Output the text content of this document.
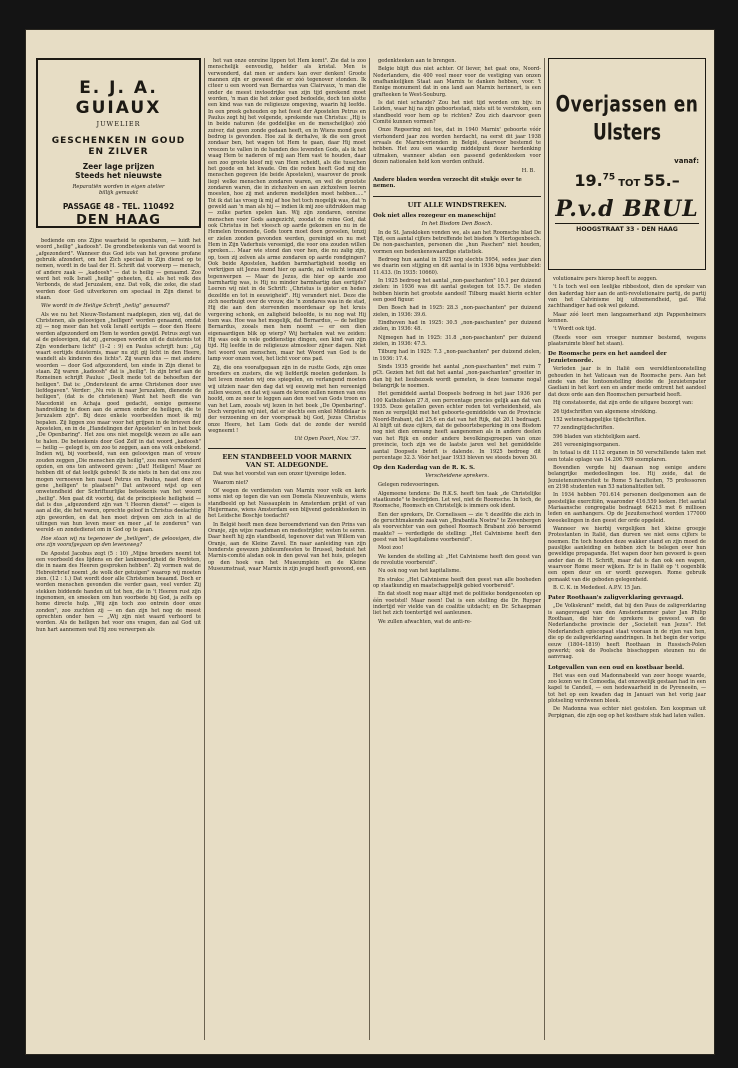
E. J. A. GUIAUX
JUWELIER
GESCHENKEN IN GOUD
EN ZILVER
Zeer lage prijzen
Steeds het nieuwste
Reparatiën worden in eigen atelier
billijk gemaakt
PASSAGE 48 - TEL. 110492
DEN HAAG

bediende om ons Zijne waarheid te openbaren, — luidt het woord „heilig" „kadoosh". De grondbeteekenis van dat woord is „afgezonderd". Wanneer dus God iets van het gewone profane gebruik afzondert, om het Zich speciaal in Zijn dienst op te nemen, wordt in de taal der H. Schrift dat voorwerp — mensch, of andere zaak — „kadoosh" — dat is heilig — genaamd. Zoo werd het volk Israël „heilig" geheeten, d.i. als het volk des Verbonds, de stad Jeruzalem, enz. Dat volk, die zeke, die stad werden door God uitverkoren om speciaal in Zijn dienst te staan.

Wie wordt in de Heilige Schrift „heilig" genaamd?

Als we nu het Nieuw-Testament raadplegen, zien wij, dat de Christenen, als geloovigen „heiligen" worden genaamd, omdat zij — nog meer dan het volk Israël eertijds — door den Heere werden afgezonderd om Hem te worden gewijd. Petrus zegt van al de geloovigen, dat zij „geroepen worden uit de duisternis tot Zijn wonderbare licht" (1–2 : 9) en Paulus schrijft hun: „Gij waart eertijds duisternis, maar nu zijt gij licht in den Heere, wandelt als kinderen des lichts". Zij waren dus — met andere woorden — door God afgezonderd, ten einde in Zijn dienst te staan. Zij waren „kadoosh" dat is „heilig". In zijn brief aan de Romeinen schrijft Paulus: „Deelt mede tot de behoeften der heiligen". Dat is: „Ondersteunt de arme Christenen door uwe liefdegaven". Verder: „Nu reis ik naar Jeruzalem, dienende de heiligen", (dat is de christenen) Want het heeft die van Macedonië en Achaja goed gedacht, eenige gemeene handreiking te doen aan de armen onder de heiligen, die te Jeruzalem zijn". Bij deze enkele voorbeelden moet ik mij bepalen. Zij liggen zoo maar voor het grijpen in de brieven der Apostelen, en in de „Handelingen der Apostelen" en in het boek „De Openbaring". Het zou ons niet mogelijk wezen ze alle aan te halen. De beteekenis door God Zelf in dat woord „kadoosh" — heilig — gelegd is, om zoo te zeggen, aan ons volk onbekend. Indien wij, bij voorbeeld, van een geloovigen man of vrouw zouden zeggen „Die menschen zijn heilig", zou men verwonderd opzien, en ons ten antwoord geven: „Dat! Heiligen! Maar ze hebben dit of dat leelijk gebrek! Ik zie niets in hen dat ons zou mogen vernoeven hen naast Petrus en Paulus, naast deze of gene „heiligen" te plaatsen!" Dat antwoord wijst op een onwetendheid der Schriftuurlijke beteekenis van het woord „heilig". Men gaat dit voorbij, dat de principieele heiligheid — dat is dus „afgezonderd zijn van 't Heeren dienst" — eigen is aan al die, die het waren, oprechte geloof in Christus deelachtig zijn geworden, en dat hen moet drijven om zich in al de uitingen van hun leven meer en meer „af te zonderen" van wereld- en zondedienst om in God op te gaan.

Hoe staan wij nu tegenover de „heiligen", de geloovigen, die ons zijn voorafgegaan op den levensweg?

De Apostel Jacobus zegt (5 : 10) „Mijne broeders neemt tot een voorbeeld des lijdens en der lankmoedigheid de Profeten, die in naam des Heeren gesproken hebben". Zij vormen wat de Hebreërbrief noemt „de wolk der getuigen" waarop wij moeten zien. (12 : 1.) Dat wordt door alle Christenen beaamd. Doch er worden menschen gevonden die verder gaan, veel verder. Zij stekken biddende handen uit tot hen, die in 't Heeren rust zijn ingenomen, en smeeken om hun voorbede bij God, ja zelfs op home directe hulp. „Wij zijn toch zoo ontrein door onze zonden", zoo zuchten zij — en dan zijn het nog de meest oprechten onder hen — „Wij zijn niet waard verhoord te worden. Als de heiligen het voor ons vragen, dan zal God uit hun hart aannemen wat Hij zou verwerpen als

het van onze onreine lippen tot Hem komt". Zie dat is zoo menschelijk eenvoudig, helder als kristal. Men is verwonderd, dat men er anders kan over denken! Groote mannen zijn er geweest die er zóó tegenover stonden. Ik citeer u een woord van Bernardus van Clairvaux, 'n man die onder de meest invloedrijke van zijn tijd gerekend moet worden, 'n man die het zeker goed bedoelde, doch ten slotte een kind was van de religieuze omgeving, waarin hij leefde. In een preek gehouden op het feest der Apostelen Petrus en Paulus zegt hij het volgende, sprekende van Christus: „Hij is in beide naturen (de goddelijke en de menschelijke) zóó zuiver, dat geen zonde gedaan heeft, en in Wiens mond geen bedrog is gevonden. Hoe zal ik derhalve, ik die een groot zondaar ben, het wagen tot Hem te gaan, daar Hij moet vreezen te vallen in de handen des levenden Gods, als ik het waag Hem te naderen of mij aan Hem vast te houden, daar een zoo groote kloof mij van Hem scheidt, als die tusschen het goede en het kwade. Om die reden heeft God mij die menschen gegeven (de beide Apostelen), waarover de preek liep) welke menschen zondaren waren, en wel de grootste zondaren waren, die in zichzelven en aan zichzelven leeren moesten, hoe zij met anderen medelijden moet hebben....." Tot ik dat las vroeg ik mij af hoe het toch mogelijk was, dat 'n geweld aan 'n man als hij — indien ik mij zoo uitdrukken mag — zulke parten spelen kan. Wij zijn zondaren, onreine menschen voor Gods aangezicht, zoodat de reine God, dat ook Christus in het vleesch op aarde gekomen en nu in de Hemelen troonende, Gods toorn moet doen gevoelen, tenzij er zielen zonden gevonden werden, gereinigd en nu met Hem in Zijn Vaderhuis vereenigd, die voor ons zouden willen spreken.... Maar wie stond dan voor hen, die nu zalig zijn, op, toen zij zelven als arme zondaren op aarde rondgingen? Ook beide Apostelen, hadden barmhartigheid noodig en verkrijgen uit Jezus mond hier op aarde, zal veilicht iemand tegenwerpen — Maar de Jezus, die hier op aarde zoo barmhartig was, is Hij nu minder barmhartig dan eertijds? Leeren wij niet in de Schrift: „Christus is gister en heden dezelfde en tot in eeuwigheid". Hij verandert niet. Deze die zich neerbuigt over de vrouw, die 'n zondares was in de stad, Hij die aan den stervenden moordenaar op het kruis vergeving schonk, en zaligheid beloofde, is nu nog wat Hij toen was. Hoe was het mogelijk, dat Bernardus, — de heilige Bernardus, zooals men hem noemt — er een dien eigenaardigen blik op wierp? Wij herhalen wat we zeiden: Hij was ook in vele goddienstige dingen, een kind van zijn tijd. Hij leefde in de religieuze atmosfeer zijner dagen. Niet het woord van menschen, maar het Woord van God is de lamp voor onzen voet, het licht voor ons pad.

Zij, die ons voorafgegaan zijn in de rustte Gods, zijn onze broeders en zusters, die wij liefderijk moeten gedenken. Is het leven moeten wij ons spiegelen, en verlangend moeten wij uitzien naar den dag dat wij eeuwig met hen vereenigd zullen wezen, en dat wij saam de kroon zullen nemen van ons hoofd, om ze neer te leggen aan den voet van Gods troon en van het Lam, zooals wij lezen in het boek „De Openbaring". Doch vergeten wij niet, dat er slechts een enkel Middelaar is der verzoening en der voorspraak bij God, Jezus Christus onze Heere, het Lam Gods dat de zonde der wereld wegneemt !

Uit Open Poort, Nov. '37.
EEN STANDBEELD VOOR MARNIX
VAN ST. ALDEGONDE.

Dat was het voorstel van een onzer tijvereige leden.

Waarom niet?

Of wegen de verdiensten van Marnix voor volk en kerk soms niet op tegen die van een Domela Nieuwenhuis, wiens standbeeld op het Nassauplein in Amsterdam prijkt of van Heijermans, wiens Amsterdam een blijvend gedenkteeken in het Leidsche Boschje toedacht?

In België heeft men deze beroemdvriend van den Prins van Oranje, zijn wijze raadsman en medestrijder, weten te eeren. Daar heeft hij zijn standbeeld, tegenover dat van Willem van Oranje, aan de Kleine Zavel. En naar aanleiding van zijn honderste gewezen jubileumfeesten te Brussel, beduist het Marnix-comité alsdan ook in den geval van het huis, gelegen op den hoek van het Museumplein en de Kleine Museumstraat, waar Marnix in zijn jeugd heeft gewoond, een

gedenkteeken aan te brengen.

Belgie blijft dus niet achter. Of liever, het gaat ons, Noord-Nederlanders, die 400 veel meer voor de vestiging van onzen onafhankelijken Staat aan Marnix te danken hebben, voor. 't Eenige monument dat in ons land aan Marnix herinnert, is een grafteeken te West-Souburg.

Is dat niet schande? Zou het niet tijd worden om bijv. in Leiden, waar hij na zijn geboortestad, niets uit te verstoken, een standbeeld voor hem op te richten? Zou zich daarvoor geen Comité kunnen vormen?

Onze Regeering zei toe, dat in 1940 Marnix' geboorte vóór vierhonderd jaar zou worden herdacht, na eerst dit jaar 1938 ervaals de Marnix-vrienden in België, daarvoor bestemd te hebben. Het zou een waardig middelpunt dezer herdenking uitmaken, wanneer alsdan een passend gedenkteeken voor dezen nationalen held kon worden onthuld.

H. B.
Andere bladen worden verzocht dit stukje over te nemen.
UIT ALLE WINDSTREKEN.
Ook niet alles rozegeur en maneschijn!
In het Bisdom Den Bosch.

In de St. Janskloken vonden we, als aan het Roomsche blad De Tijd, een aantal cijfers betreffende het bisdom 's Hertogenbosch. De non-paschanten, personen die „hun Paschen" niet houden, vormen een bedenkenswaardige statistiek.

Bedroeg hun aantal in 1925 nog slechts 5954, sedes jaar zien we duarin een stijging en dit aantal is in 1936 bijna verdubbeld: 11.433. (In 1935: 10660).

In 1925 bedroeg het aantal „non-paschanten" 10.1 per duizend zielen: in 1936 was dit aantal gestegen tot 15.7. De steden hebben hierin het grootste aandeel! Tilburg maakt hierin echter een goed figuur.

Den Bosch had in 1925: 28.3 „non-paschanten" per duizend zielen, in 1936: 39.6.

Eindhoven had in 1925: 30.5 „non-paschanten" per duizend zielen, in 1936: 48.

Nijmegen had in 1925: 31.8 „non-paschanten" per duizend zielen, in 1936: 47.5.

Tilburg had in 1925: 7.3 „non-paschanten" per duizend zielen, in 1936: 17.4.

Sinds 1935 groeide het aantal „non-paschanten" met ruim 7 pCt. Gezien het feit dat het aantal „non-paschanten" groeiter in dan bij het lieubezoek wordt gemeten, is deze toename nogal belangrijk te noemen.

Het gemiddeld aantal Doopsels bedroeg in het jaar 1936 per 100 Katholieken 27.8, een percentage precies gelijk aan dat van 1935. Deze getallen geven echter reden tot verheidenheid, als men ze vergelijkt met het geboorte-gemiddelde van de Provincie Noord-Brabant, dat 25.6 en dat van het Rijk, dat 20.1 bedraagt. Al blijft uit deze cijfers, dat de geboortebeperking in ons Bisdom nog niet dien omvang heeft aangenomen als in andere deelen van het Rijk en onder andere bevolkingsgroepen van onze provincie, toch zijn we de laatste jaren wel het gemiddelde aantal Doopsels beteft is dalende. In 1925 bedroeg dit percentage 32.3. Vóór het jaar 1933 bleven we steeds boven 30.

Op den Kaderdag van de R. K. S.
Verscheidene sprekers.

Gelegen redevoeringen.

Algemeene tendens: De R.K.S. heeft ten taak „de Christelijke staatkunde" te bestrijden. Let wel, niet de Roomsche. In toch, de Roomsche, Roomsch en Christelijk is immers ook ident.

Een der sprekers, Dr. Cornelissen — zie 't dezelfde die zich in de geruchtmakende zaak van „Brabantia Nostra" te Zevenbergen als voorvechter van een geheel Roomsch Brabant zóó beroemd maakte? — verdedigde de stelling: „Het Calvinisme heeft den geest van het kapitalisme voorbereid".

Mooi zoo!

We kenden de stelling al: „Het Calvinisme heeft den geest van de revolutie voorbereid".

Nu ook nog van het kapitalisme.

En straks: „Het Calvinisme heeft den geest van alle booheden op staatkundig en maatschappelijk gebied voorbereid".

En dat stoelt nog maar altijd met de politieke bondgenooten op één voetstel! Maar neen! Dat is een stelling die Dr. Ruyper indertijd vér vielde van de coalitie uitdacht; en Dr. Schaepman liet het zich toentertijd wel aanleunen.

We zullen afwachten, wat de anti-re-

Overjassen en
Ulsters
vanaf:
19.75TOT 55.–
P.v.d BRUL
HOOGSTRAAT 33 - DEN HAAG

volutionaire pers hierop heeft te zeggen.

't Is toch wel een leelijke ribbestoot, dien de spreker van den kaderdag hier aan de anti-revolutionaire partij, de partij van het Calvinisme bij uitnemendheid, gaf. Wat zachthandiger had ook wel gekund.

Maar zóó leert men langzamerhand zijn Pappenheimers kennen.

't Wordt ook tijd.

(Reeds voor een vroeger nummer bestemd, wegens plaatsruimte bleef het staan).

De Roomsche pers en het aandeel der Jezuietenorde.

Verleden jaar is in Italië een wereldtentoonstelling gehouden in het Vaticaan van de Roomsche pers. Aan het einde van die tentoonstelling deelde de Jezuietenpater Gaeliani in het kort een en ander mede omtrent het aandeel dat deze orde aan den Roomschen persarbeid heeft.

Hij constateerde, dat zijn orde de uitgave bezorgt van:

26 tijdschriften van algemene strekking.

152 wetenschappelijke tijdschriften.

77 zendingtijdschriften.

596 bladen van stichtelijken aard.

261 vereenigingsorganen.

In totaal is dit 1112 organen in 50 verschillende talen met een totale oplage van 14.206.769 exemplaren.

Bovendien vergde hij daaraan nog eenige andere belangrijke mededeelingen toe. Hij zeide, dat de Jezuietenuniversiteit te Rome 5 faculteiten, 75 professoren en 2198 studenten van 53 nationaliteiten telt.

In 1934 hebben 701.614 personen deelgenomen aan de geestelijke exercitiën, waaronder 416.559 leeken. Het aantal Mariaansche congregatie bedraagt 64213 met 6 millioen leden en aanhangers. Op de Jezuitenschool worden 177000 kweekelingen in den geest der orde opgeleid.

Wanneer we hierbij vergelijken het kleine groepje Protestanten in Italië, dan durven we niet eens cijfers te noemen. En toch houden deze wakker stand en zijn moed de pauslijke aanleiding en hebben zich te belegen over hun geweldige propaganda. Het wapen door hen gevoerd is geen ander dan de H. Schrift, maar dat is dan ook een wapen, waarvoor Rome meer wijken. Er is in Italië op 't oogenblik een open deur en er wordt gezwegen. Rome gebruik gemaakt van die geboden gelegenheid.

B. C. K. in Mededeel. A.P.V. 15 Jan.

Pater Roothaan's zaligverklaring gevraagd.

„De Volkskrant" meldt, dat bij den Paus de zaligverklaring is aangevraagd van den Amsterdammer pater Jan Philip Roothaan, die hier de sprekere is geweest van de Nederlandsche provincie der „Societeit van Jezus". Het Nederlandsch episcopaat staat vooraan in de rijen van hen, die op de zaligverklaring aandringen. In het begin der vorige eeuw (1804–1819) heeft Roothaan in Russisch-Polen gewerkt; ook de Poolsche bisschoppen steunen nu de aanvraag.

Lotgevallen van een oud en kostbaar beeld.

Het was een oud Madonnabeeld van zeer hooge waarde, zoo lezen we in Comoedia, dat onzewelijk gestaan had in een kapel te Candeil, — een hedewaarheid in de Pyreneeën, — tot het op een kwaden dag in Januari van het vorig jaar plotseling verdwenen bleek.

De Madonna was echter niet gestolen. Een koopman uit Perpignan, die zijn oog op het kostbare stuk had laten vallen.
